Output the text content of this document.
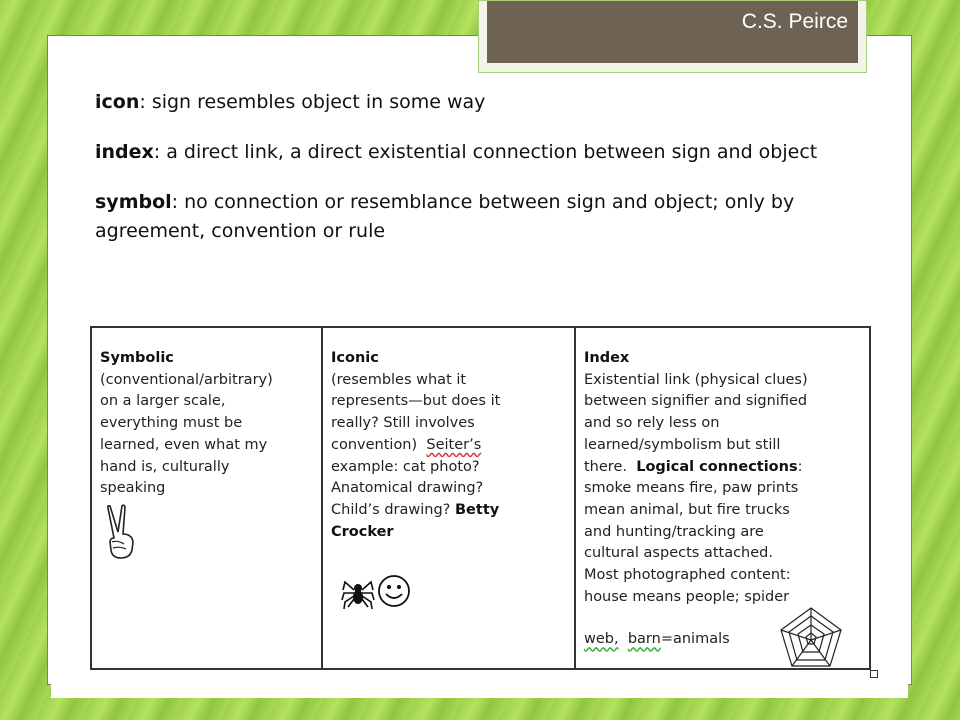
C.S. Peirce

icon: sign resembles object in some way

index: a direct link, a direct existential connection between sign and object

symbol: no connection or resemblance between sign and object; only by agreement, convention or rule

Symbolic
(conventional/arbitrary)
on a larger scale,
everything must be
learned, even what my
hand is, culturally
speaking
Iconic
(resembles what it
represents—but does it
really? Still involves
convention) Seiter’s
example: cat photo?
Anatomical drawing?
Child’s drawing? Betty
Crocker
Index
Existential link (physical clues)
between signifier and signified
and so rely less on
learned/symbolism but still
there. Logical connections:
smoke means fire, paw prints
mean animal, but fire trucks
and hunting/tracking are
cultural aspects attached.
Most photographed content:
house means people; spider
web, barn=animals
